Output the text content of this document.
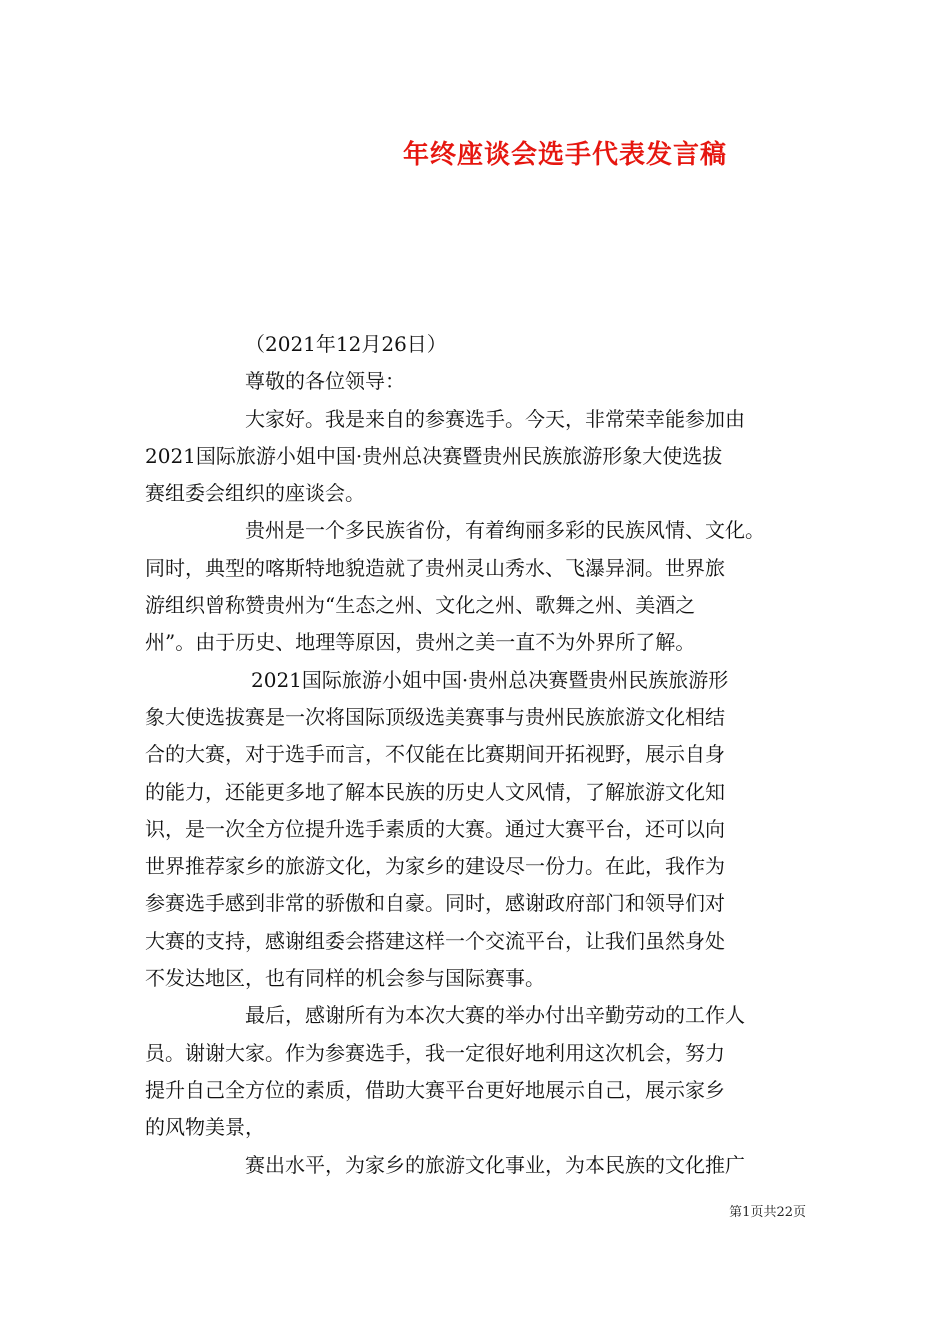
年终座谈会选手代表发言稿
（2021年12月26日）
尊敬的各位领导：
大家好。我是来自的参赛选手。今天，非常荣幸能参加由
2021国际旅游小姐中国·贵州总决赛暨贵州民族旅游形象大使选拔
赛组委会组织的座谈会。
贵州是一个多民族省份，有着绚丽多彩的民族风情、文化。
同时，典型的喀斯特地貌造就了贵州灵山秀水、飞瀑异洞。世界旅
游组织曾称赞贵州为“生态之州、文化之州、歌舞之州、美酒之
州”。由于历史、地理等原因，贵州之美一直不为外界所了解。
2021国际旅游小姐中国·贵州总决赛暨贵州民族旅游形
象大使选拔赛是一次将国际顶级选美赛事与贵州民族旅游文化相结
合的大赛，对于选手而言，不仅能在比赛期间开拓视野，展示自身
的能力，还能更多地了解本民族的历史人文风情，了解旅游文化知
识，是一次全方位提升选手素质的大赛。通过大赛平台，还可以向
世界推荐家乡的旅游文化，为家乡的建设尽一份力。在此，我作为
参赛选手感到非常的骄傲和自豪。同时，感谢政府部门和领导们对
大赛的支持，感谢组委会搭建这样一个交流平台，让我们虽然身处
不发达地区，也有同样的机会参与国际赛事。
最后，感谢所有为本次大赛的举办付出辛勤劳动的工作人
员。谢谢大家。作为参赛选手，我一定很好地利用这次机会，努力
提升自己全方位的素质，借助大赛平台更好地展示自己，展示家乡
的风物美景，
赛出水平，为家乡的旅游文化事业，为本民族的文化推广
第1页共22页
